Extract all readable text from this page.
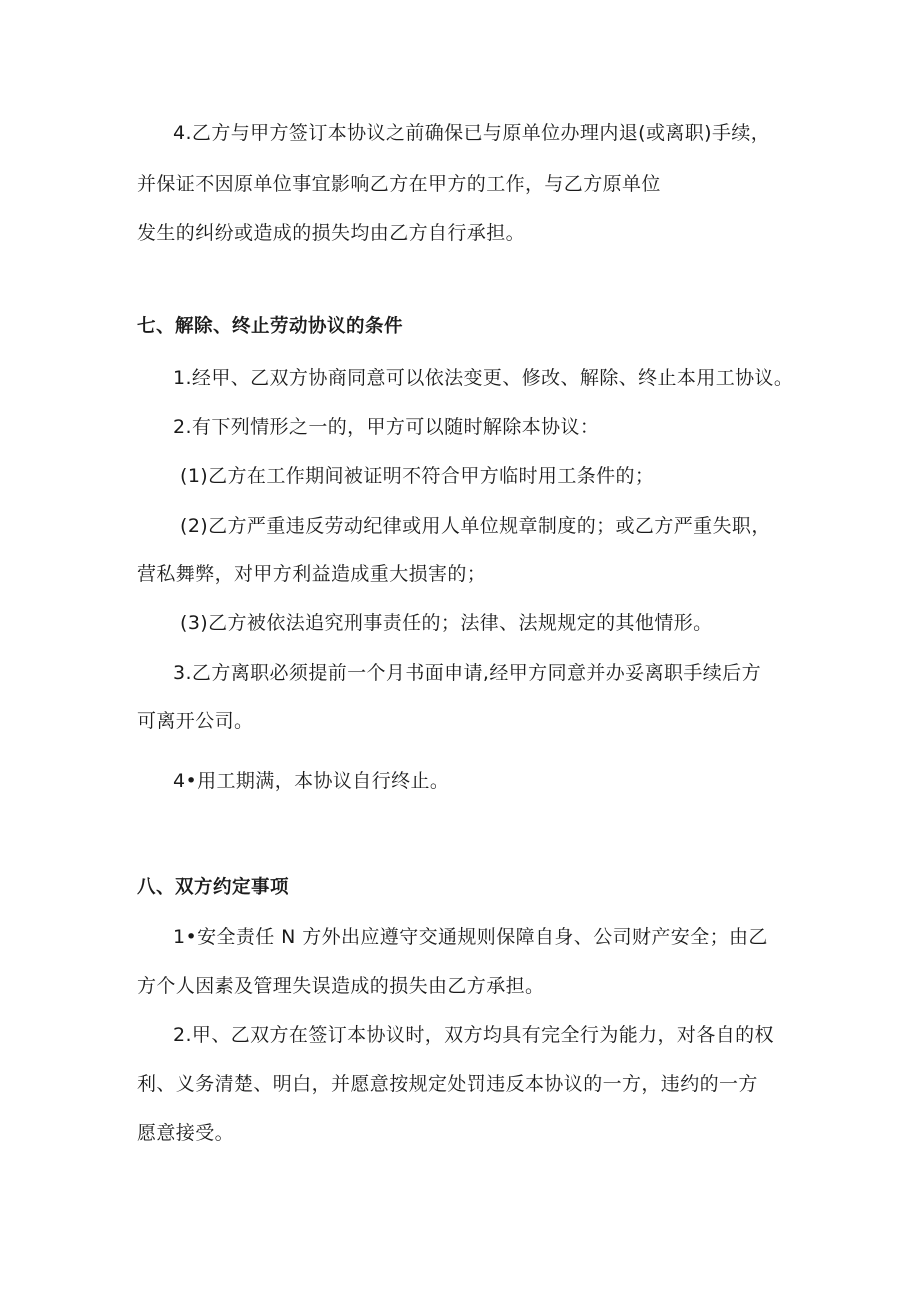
4.乙方与甲方签订本协议之前确保已与原单位办理内退(或离职)手续，
并保证不因原单位事宜影响乙方在甲方的工作，与乙方原单位
发生的纠纷或造成的损失均由乙方自行承担。
七、解除、终止劳动协议的条件
1.经甲、乙双方协商同意可以依法变更、修改、解除、终止本用工协议。
2.有下列情形之一的，甲方可以随时解除本协议：
(1)乙方在工作期间被证明不符合甲方临时用工条件的；
(2)乙方严重违反劳动纪律或用人单位规章制度的；或乙方严重失职，
营私舞弊，对甲方利益造成重大损害的；
(3)乙方被依法追究刑事责任的；法律、法规规定的其他情形。
3.乙方离职必须提前一个月书面申请,经甲方同意并办妥离职手续后方
可离开公司。
4•用工期满，本协议自行终止。
八、双方约定事项
1•安全责任 N 方外出应遵守交通规则保障自身、公司财产安全；由乙
方个人因素及管理失误造成的损失由乙方承担。
2.甲、乙双方在签订本协议时，双方均具有完全行为能力，对各自的权
利、义务清楚、明白，并愿意按规定处罚违反本协议的一方，违约的一方
愿意接受。
